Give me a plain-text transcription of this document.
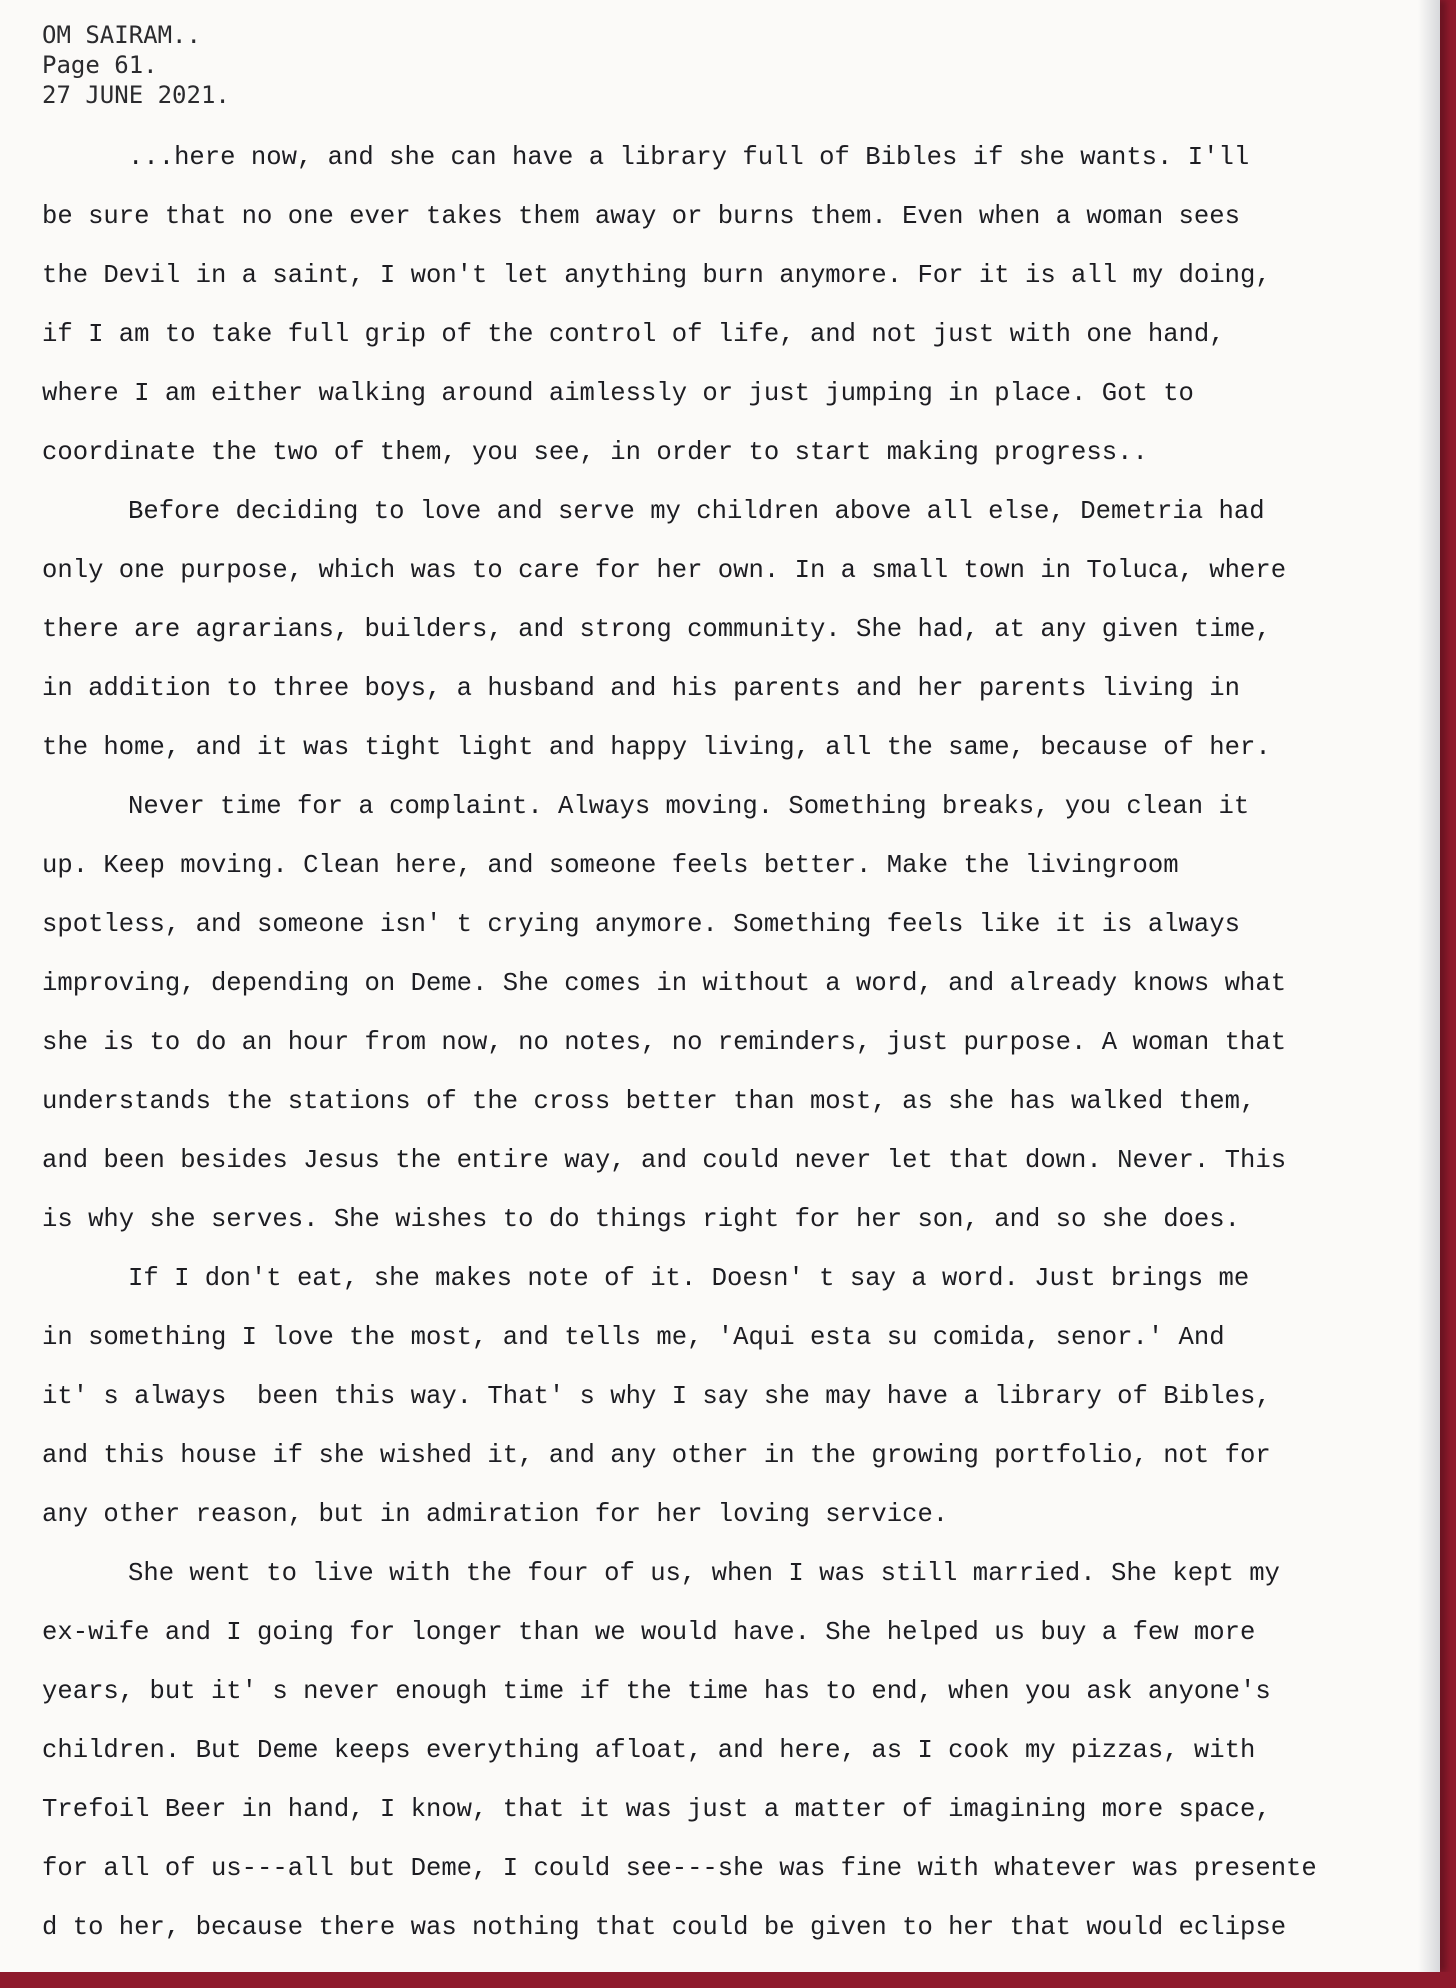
OM SAIRAM..
Page 61.
27 JUNE 2021.
...here now, and she can have a library full of Bibles if she wants. I'll
be sure that no one ever takes them away or burns them. Even when a woman sees
the Devil in a saint, I won't let anything burn anymore. For it is all my doing,
if I am to take full grip of the control of life, and not just with one hand,
where I am either walking around aimlessly or just jumping in place. Got to
coordinate the two of them, you see, in order to start making progress..
Before deciding to love and serve my children above all else, Demetria had
only one purpose, which was to care for her own. In a small town in Toluca, where
there are agrarians, builders, and strong community. She had, at any given time,
in addition to three boys, a husband and his parents and her parents living in
the home, and it was tight light and happy living, all the same, because of her.
Never time for a complaint. Always moving. Something breaks, you clean it
up. Keep moving. Clean here, and someone feels better. Make the livingroom
spotless, and someone isn' t crying anymore. Something feels like it is always
improving, depending on Deme. She comes in without a word, and already knows what
she is to do an hour from now, no notes, no reminders, just purpose. A woman that
understands the stations of the cross better than most, as she has walked them,
and been besides Jesus the entire way, and could never let that down. Never. This
is why she serves. She wishes to do things right for her son, and so she does.
If I don't eat, she makes note of it. Doesn' t say a word. Just brings me
in something I love the most, and tells me, 'Aqui esta su comida, senor.' And
it' s always  been this way. That' s why I say she may have a library of Bibles,
and this house if she wished it, and any other in the growing portfolio, not for
any other reason, but in admiration for her loving service.
She went to live with the four of us, when I was still married. She kept my
ex-wife and I going for longer than we would have. She helped us buy a few more
years, but it' s never enough time if the time has to end, when you ask anyone's
children. But Deme keeps everything afloat, and here, as I cook my pizzas, with
Trefoil Beer in hand, I know, that it was just a matter of imagining more space,
for all of us---all but Deme, I could see---she was fine with whatever was presente
d to her, because there was nothing that could be given to her that would eclipse
